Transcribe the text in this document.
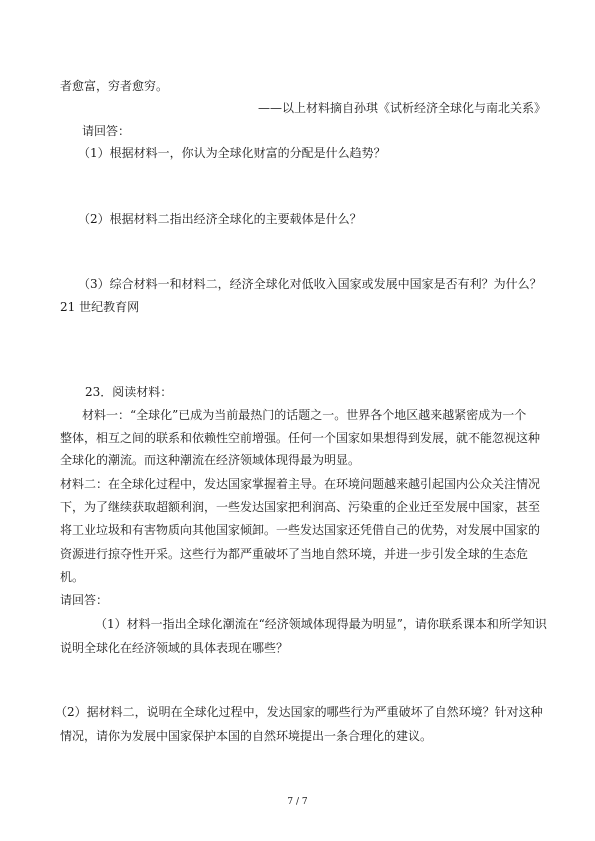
者愈富，穷者愈穷。
——以上材料摘自孙琪《试析经济全球化与南北关系》
请回答：
（1）根据材料一，你认为全球化财富的分配是什么趋势？
（2）根据材料二指出经济全球化的主要载体是什么？
（3）综合材料一和材料二，经济全球化对低收入国家或发展中国家是否有利？为什么？
21 世纪教育网
23．阅读材料：
材料一：“全球化”已成为当前最热门的话题之一。世界各个地区越来越紧密成为一个
整体，相互之间的联系和依赖性空前增强。任何一个国家如果想得到发展，就不能忽视这种
全球化的潮流。而这种潮流在经济领域体现得最为明显。
材料二：在全球化过程中，发达国家掌握着主导。在环境问题越来越引起国内公众关注情况
下，为了继续获取超额利润，一些发达国家把利润高、污染重的企业迁至发展中国家，甚至
将工业垃圾和有害物质向其他国家倾卸。一些发达国家还凭借自己的优势，对发展中国家的
资源进行掠夺性开采。这些行为都严重破坏了当地自然环境，并进一步引发全球的生态危
机。
请回答：
（1）材料一指出全球化潮流在“经济领域体现得最为明显”，请你联系课本和所学知识
说明全球化在经济领域的具体表现在哪些？
（2）据材料二，说明在全球化过程中，发达国家的哪些行为严重破坏了自然环境？针对这种
情况，请你为发展中国家保护本国的自然环境提出一条合理化的建议。
7 / 7
